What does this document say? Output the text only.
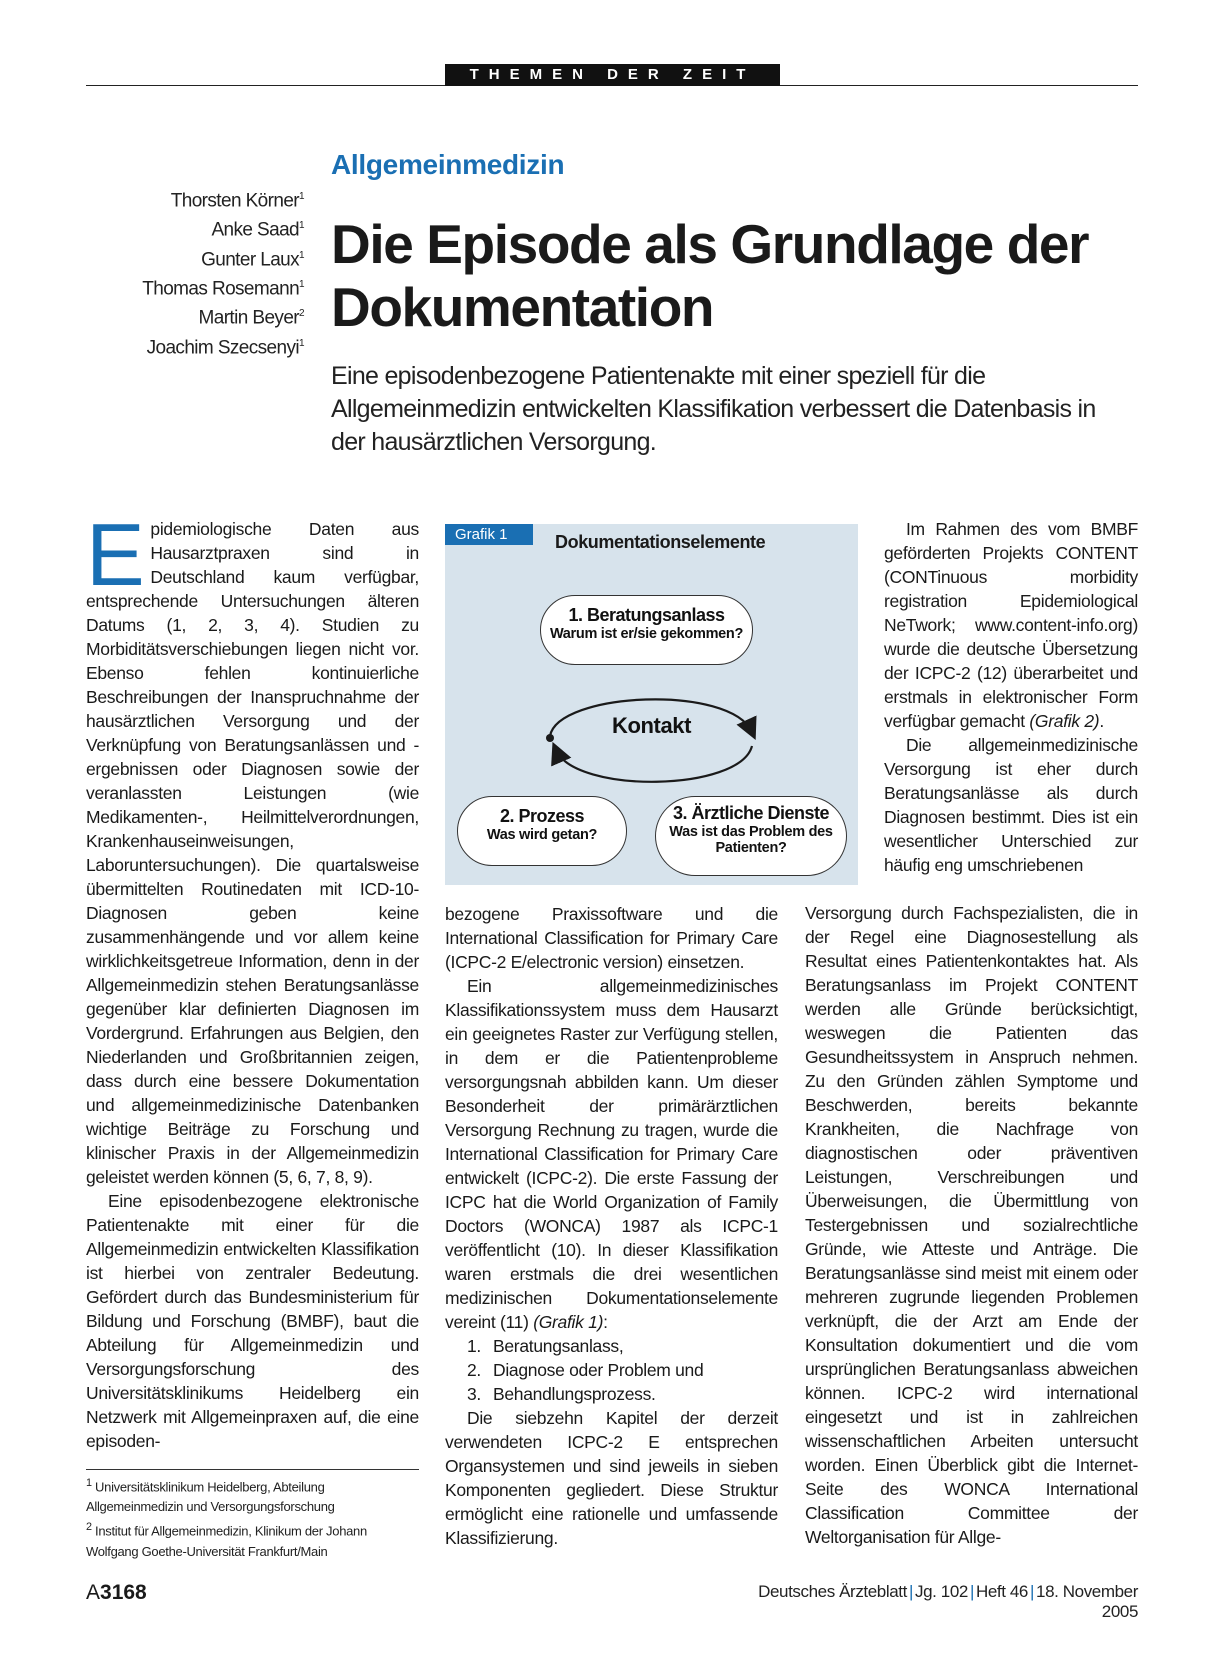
THEMEN DER ZEIT
Thorsten Körner$^1$
Anke Saad$^1$
Gunter Laux$^1$
Thomas Rosemann$^1$
Martin Beyer$^2$
Joachim Szecsenyi$^1$
Allgemeinmedizin
Die Episode als Grundlage der Dokumentation
Eine episodenbezogene Patientenakte mit einer speziell für die Allgemeinmedizin entwickelten Klassifikation verbessert die Datenbasis in der hausärztlichen Versorgung.

Epidemiologische Daten aus Hausarztpraxen sind in Deutschland kaum verfügbar, entsprechende Untersuchungen älteren Datums (1, 2, 3, 4). Studien zu Morbiditätsverschiebungen liegen nicht vor. Ebenso fehlen kontinuierliche Beschreibungen der Inanspruchnahme der hausärztlichen Versorgung und der Verknüpfung von Beratungsanlässen und -ergebnissen oder Diagnosen sowie der veranlassten Leistungen (wie Medikamenten-, Heilmittelverordnungen, Krankenhauseinweisungen, Laboruntersuchungen). Die quartalsweise übermittelten Routinedaten mit ICD-10-Diagnosen geben keine zusammenhängende und vor allem keine wirklichkeitsgetreue Information, denn in der Allgemeinmedizin stehen Beratungsanlässe gegenüber klar definierten Diagnosen im Vordergrund. Erfahrungen aus Belgien, den Niederlanden und Großbritannien zeigen, dass durch eine bessere Dokumentation und allgemeinmedizinische Datenbanken wichtige Beiträge zu Forschung und klinischer Praxis in der Allgemeinmedizin geleistet werden können (5, 6, 7, 8, 9).

Eine episodenbezogene elektronische Patientenakte mit einer für die Allgemeinmedizin entwickelten Klassifikation ist hierbei von zentraler Bedeutung. Gefördert durch das Bundesministerium für Bildung und Forschung (BMBF), baut die Abteilung für Allgemeinmedizin und Versorgungsforschung des Universitätsklinikums Heidelberg ein Netzwerk mit Allgemeinpraxen auf, die eine episoden-

Grafik 1	Dokumentationselemente
1. Beratungsanlass
Warum ist er/sie gekommen?
Kontakt
2. Prozess
Was wird getan?
3. Ärztliche Dienste
Was ist das Problem des Patienten?

bezogene Praxissoftware und die International Classification for Primary Care (ICPC-2 E/electronic version) einsetzen.

Ein allgemeinmedizinisches Klassifikationssystem muss dem Hausarzt ein geeignetes Raster zur Verfügung stellen, in dem er die Patientenprobleme versorgungsnah abbilden kann. Um dieser Besonderheit der primärärztlichen Versorgung Rechnung zu tragen, wurde die International Classification for Primary Care entwickelt (ICPC-2). Die erste Fassung der ICPC hat die World Organization of Family Doctors (WONCA) 1987 als ICPC-1 veröffentlicht (10). In dieser Klassifikation waren erstmals die drei wesentlichen medizinischen Dokumentationselemente vereint (11) (Grafik 1):

1. Beratungsanlass,
2. Diagnose oder Problem und
3. Behandlungsprozess.

Die siebzehn Kapitel der derzeit verwendeten ICPC-2 E entsprechen Organsystemen und sind jeweils in sieben Komponenten gegliedert. Diese Struktur ermöglicht eine rationelle und umfassende Klassifizierung.

Im Rahmen des vom BMBF geförderten Projekts CONTENT (CONTinuous morbidity registration Epidemiological NeTwork; www.content-info.org) wurde die deutsche Übersetzung der ICPC-2 (12) überarbeitet und erstmals in elektronischer Form verfügbar gemacht (Grafik 2).

Die allgemeinmedizinische Versorgung ist eher durch Beratungsanlässe als durch Diagnosen bestimmt. Dies ist ein wesentlicher Unterschied zur häufig eng umschriebenen

Versorgung durch Fachspezialisten, die in der Regel eine Diagnosestellung als Resultat eines Patientenkontaktes hat. Als Beratungsanlass im Projekt CONTENT werden alle Gründe berücksichtigt, weswegen die Patienten das Gesundheitssystem in Anspruch nehmen. Zu den Gründen zählen Symptome und Beschwerden, bereits bekannte Krankheiten, die Nachfrage von diagnostischen oder präventiven Leistungen, Verschreibungen und Überweisungen, die Übermittlung von Testergebnissen und sozialrechtliche Gründe, wie Atteste und Anträge. Die Beratungsanlässe sind meist mit einem oder mehreren zugrunde liegenden Problemen verknüpft, die der Arzt am Ende der Konsultation dokumentiert und die vom ursprünglichen Beratungsanlass abweichen können. ICPC-2 wird international eingesetzt und ist in zahlreichen wissenschaftlichen Arbeiten untersucht worden. Einen Überblick gibt die Internet-Seite des WONCA International Classification Committee der Weltorganisation für Allge-

$^1$ Universitätsklinikum Heidelberg, Abteilung Allgemeinmedizin und Versorgungsforschung

$^2$ Institut für Allgemeinmedizin, Klinikum der Johann Wolfgang Goethe-Universität Frankfurt/Main

A3168	Deutsches Ärzteblatt | Jg. 102 | Heft 46 | 18. November 2005
